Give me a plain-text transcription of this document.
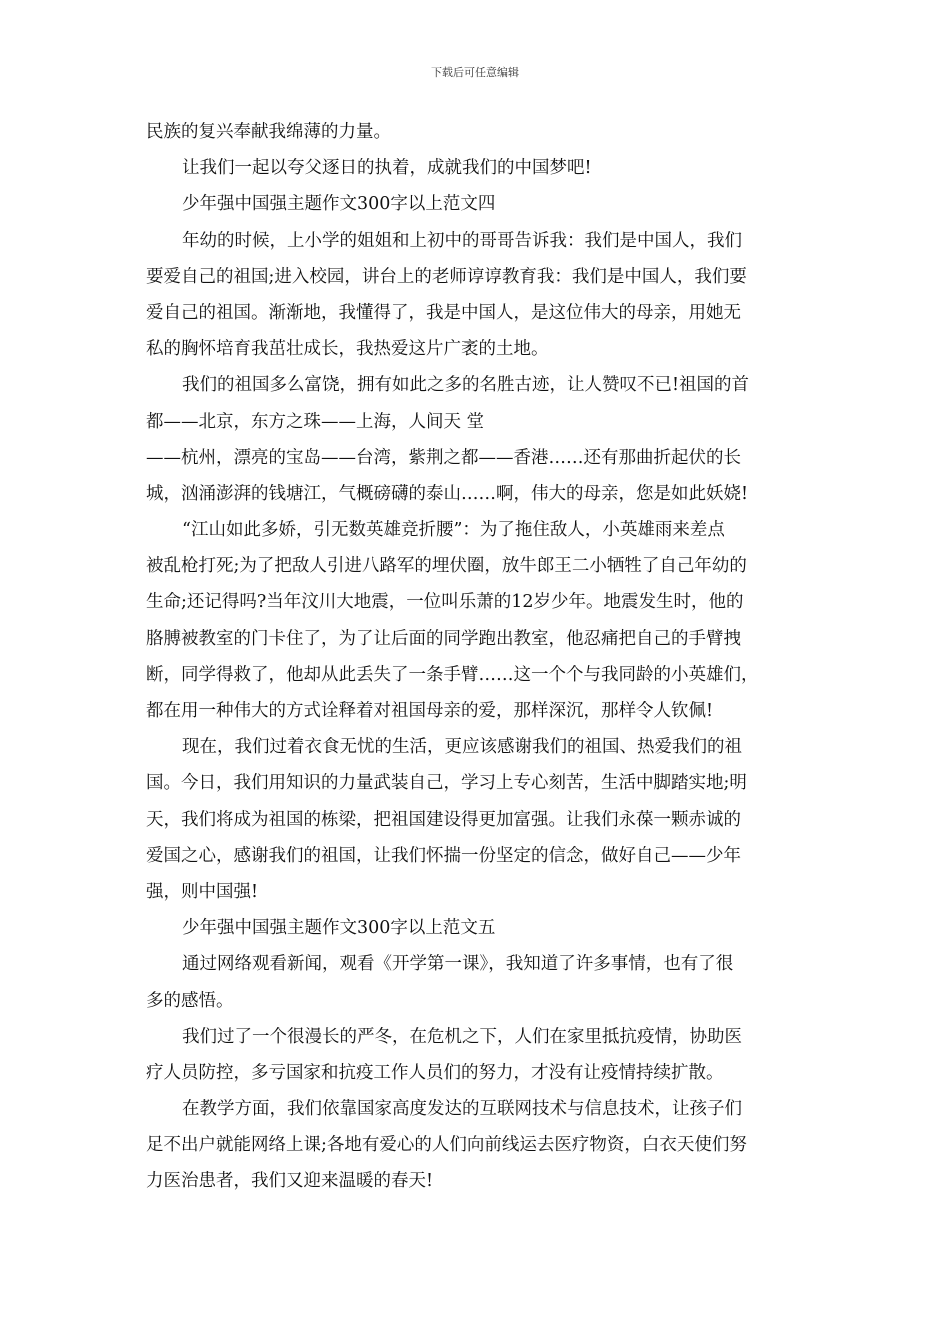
下载后可任意编辑
民族的复兴奉献我绵薄的力量。
让我们一起以夸父逐日的执着，成就我们的中国梦吧!
少年强中国强主题作文300字以上范文四
年幼的时候，上小学的姐姐和上初中的哥哥告诉我：我们是中国人，我们
要爱自己的祖国;进入校园，讲台上的老师谆谆教育我：我们是中国人，我们要
爱自己的祖国。渐渐地，我懂得了，我是中国人，是这位伟大的母亲，用她无
私的胸怀培育我茁壮成长，我热爱这片广袤的土地。
我们的祖国多么富饶，拥有如此之多的名胜古迹，让人赞叹不已!祖国的首
都——北京，东方之珠——上海，人间天 堂
——杭州，漂亮的宝岛——台湾，紫荆之都——香港……还有那曲折起伏的长
城，汹涌澎湃的钱塘江，气概磅礴的泰山……啊，伟大的母亲，您是如此妖娆!
“江山如此多娇，引无数英雄竞折腰”：为了拖住敌人，小英雄雨来差点
被乱枪打死;为了把敌人引进八路军的埋伏圈，放牛郎王二小牺牲了自己年幼的
生命;还记得吗?当年汶川大地震，一位叫乐萧的12岁少年。地震发生时，他的
胳膊被教室的门卡住了，为了让后面的同学跑出教室，他忍痛把自己的手臂拽
断，同学得救了，他却从此丢失了一条手臂……这一个个与我同龄的小英雄们，
都在用一种伟大的方式诠释着对祖国母亲的爱，那样深沉，那样令人钦佩!
现在，我们过着衣食无忧的生活，更应该感谢我们的祖国、热爱我们的祖
国。今日，我们用知识的力量武装自己，学习上专心刻苦，生活中脚踏实地;明
天，我们将成为祖国的栋梁，把祖国建设得更加富强。让我们永葆一颗赤诚的
爱国之心，感谢我们的祖国，让我们怀揣一份坚定的信念，做好自己——少年
强，则中国强!
少年强中国强主题作文300字以上范文五
通过网络观看新闻，观看《开学第一课》，我知道了许多事情，也有了很
多的感悟。
我们过了一个很漫长的严冬，在危机之下，人们在家里抵抗疫情，协助医
疗人员防控，多亏国家和抗疫工作人员们的努力，才没有让疫情持续扩散。
在教学方面，我们依靠国家高度发达的互联网技术与信息技术，让孩子们
足不出户就能网络上课;各地有爱心的人们向前线运去医疗物资，白衣天使们努
力医治患者，我们又迎来温暖的春天!
